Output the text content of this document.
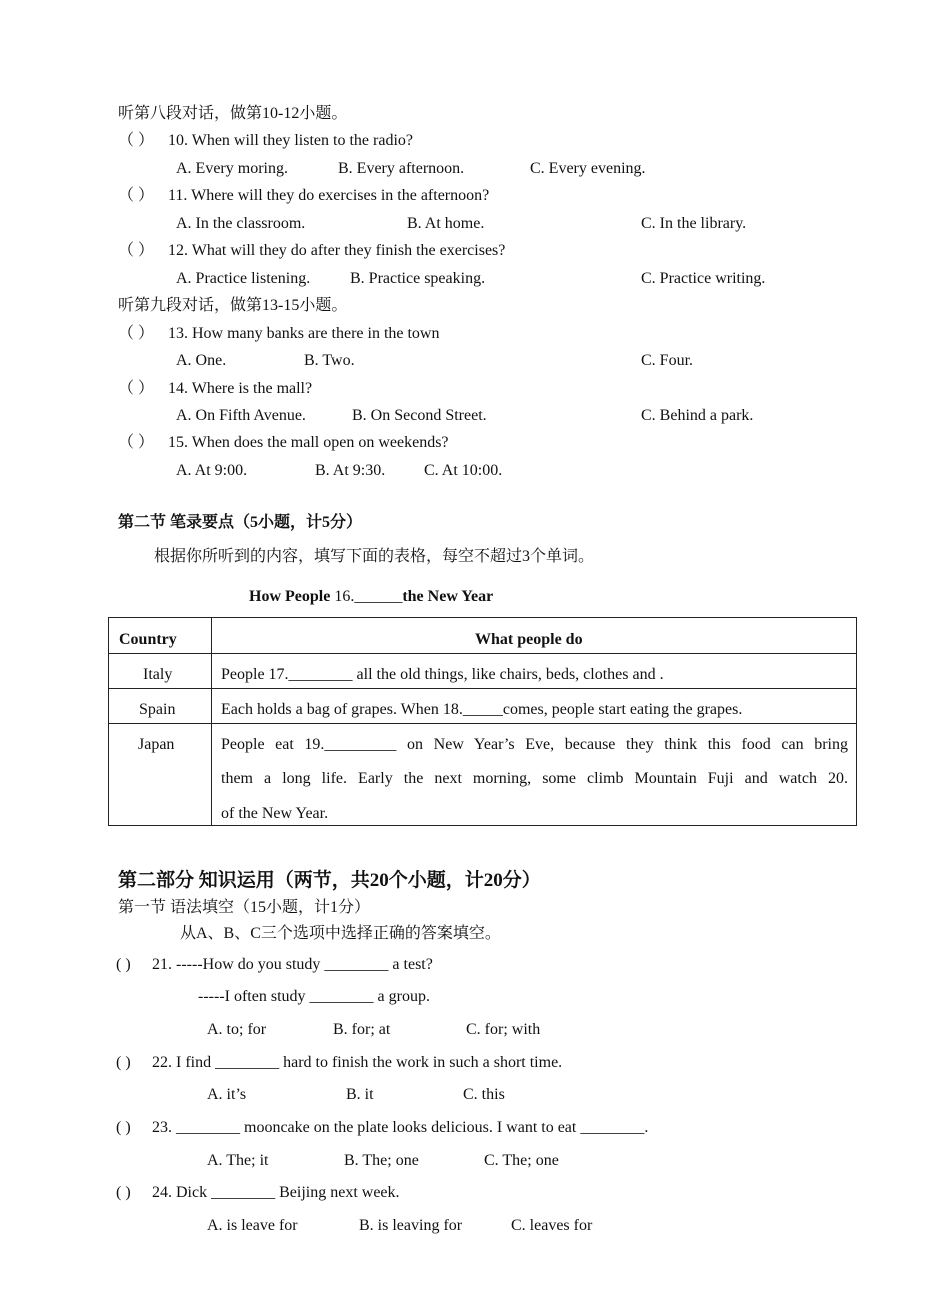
听第八段对话，做第10-12小题。
（ ） 10. When will they listen to the radio?
A. Every moring.	B. Every afternoon.	C. Every evening.
（ ） 11. Where will they do exercises in the afternoon?
A. In the classroom.	B. At home.	C. In the library.
（ ） 12. What will they do after they finish the exercises?
A. Practice listening. B. Practice speaking.	C. Practice writing.
听第九段对话，做第13-15小题。
（ ） 13. How many banks are there in the town
A. One.	B. Two.	C. Four.
（ ） 14. Where is the mall?
A. On Fifth Avenue.	B. On Second Street.	C. Behind a park.
（ ） 15. When does the mall open on weekends?
A. At 9:00.	B. At 9:30. C. At 10:00.
第二节 笔录要点（5小题，计5分）
根据你所听到的内容，填写下面的表格，每空不超过3个单词。
How People 16.______the New Year
Country	What people do
Italy	People 17.________ all the old things, like chairs, beds, clothes and .
Spain	Each holds a bag of grapes. When 18._____comes, people start eating the grapes.
Japan	People eat 19._________ on New Year’s Eve, because they think this food can bring
them a long life. Early the next morning, some climb Mountain Fuji and watch 20.
of the New Year.
第二部分 知识运用（两节，共20个小题，计20分）
第一节 语法填空（15小题，计1分）
从A、B、C三个选项中选择正确的答案填空。
( ) 21. -----How do you study ________ a test?
-----I often study ________ a group.
A. to; for	B. for; at	C. for; with
( ) 22. I find ________ hard to finish the work in such a short time.
A. it’s	B. it	C. this
( ) 23. ________ mooncake on the plate looks delicious. I want to eat ________.
A. The; it	B. The; one	C. The; one
( ) 24. Dick ________ Beijing next week.
A. is leave for	B. is leaving for	C. leaves for
